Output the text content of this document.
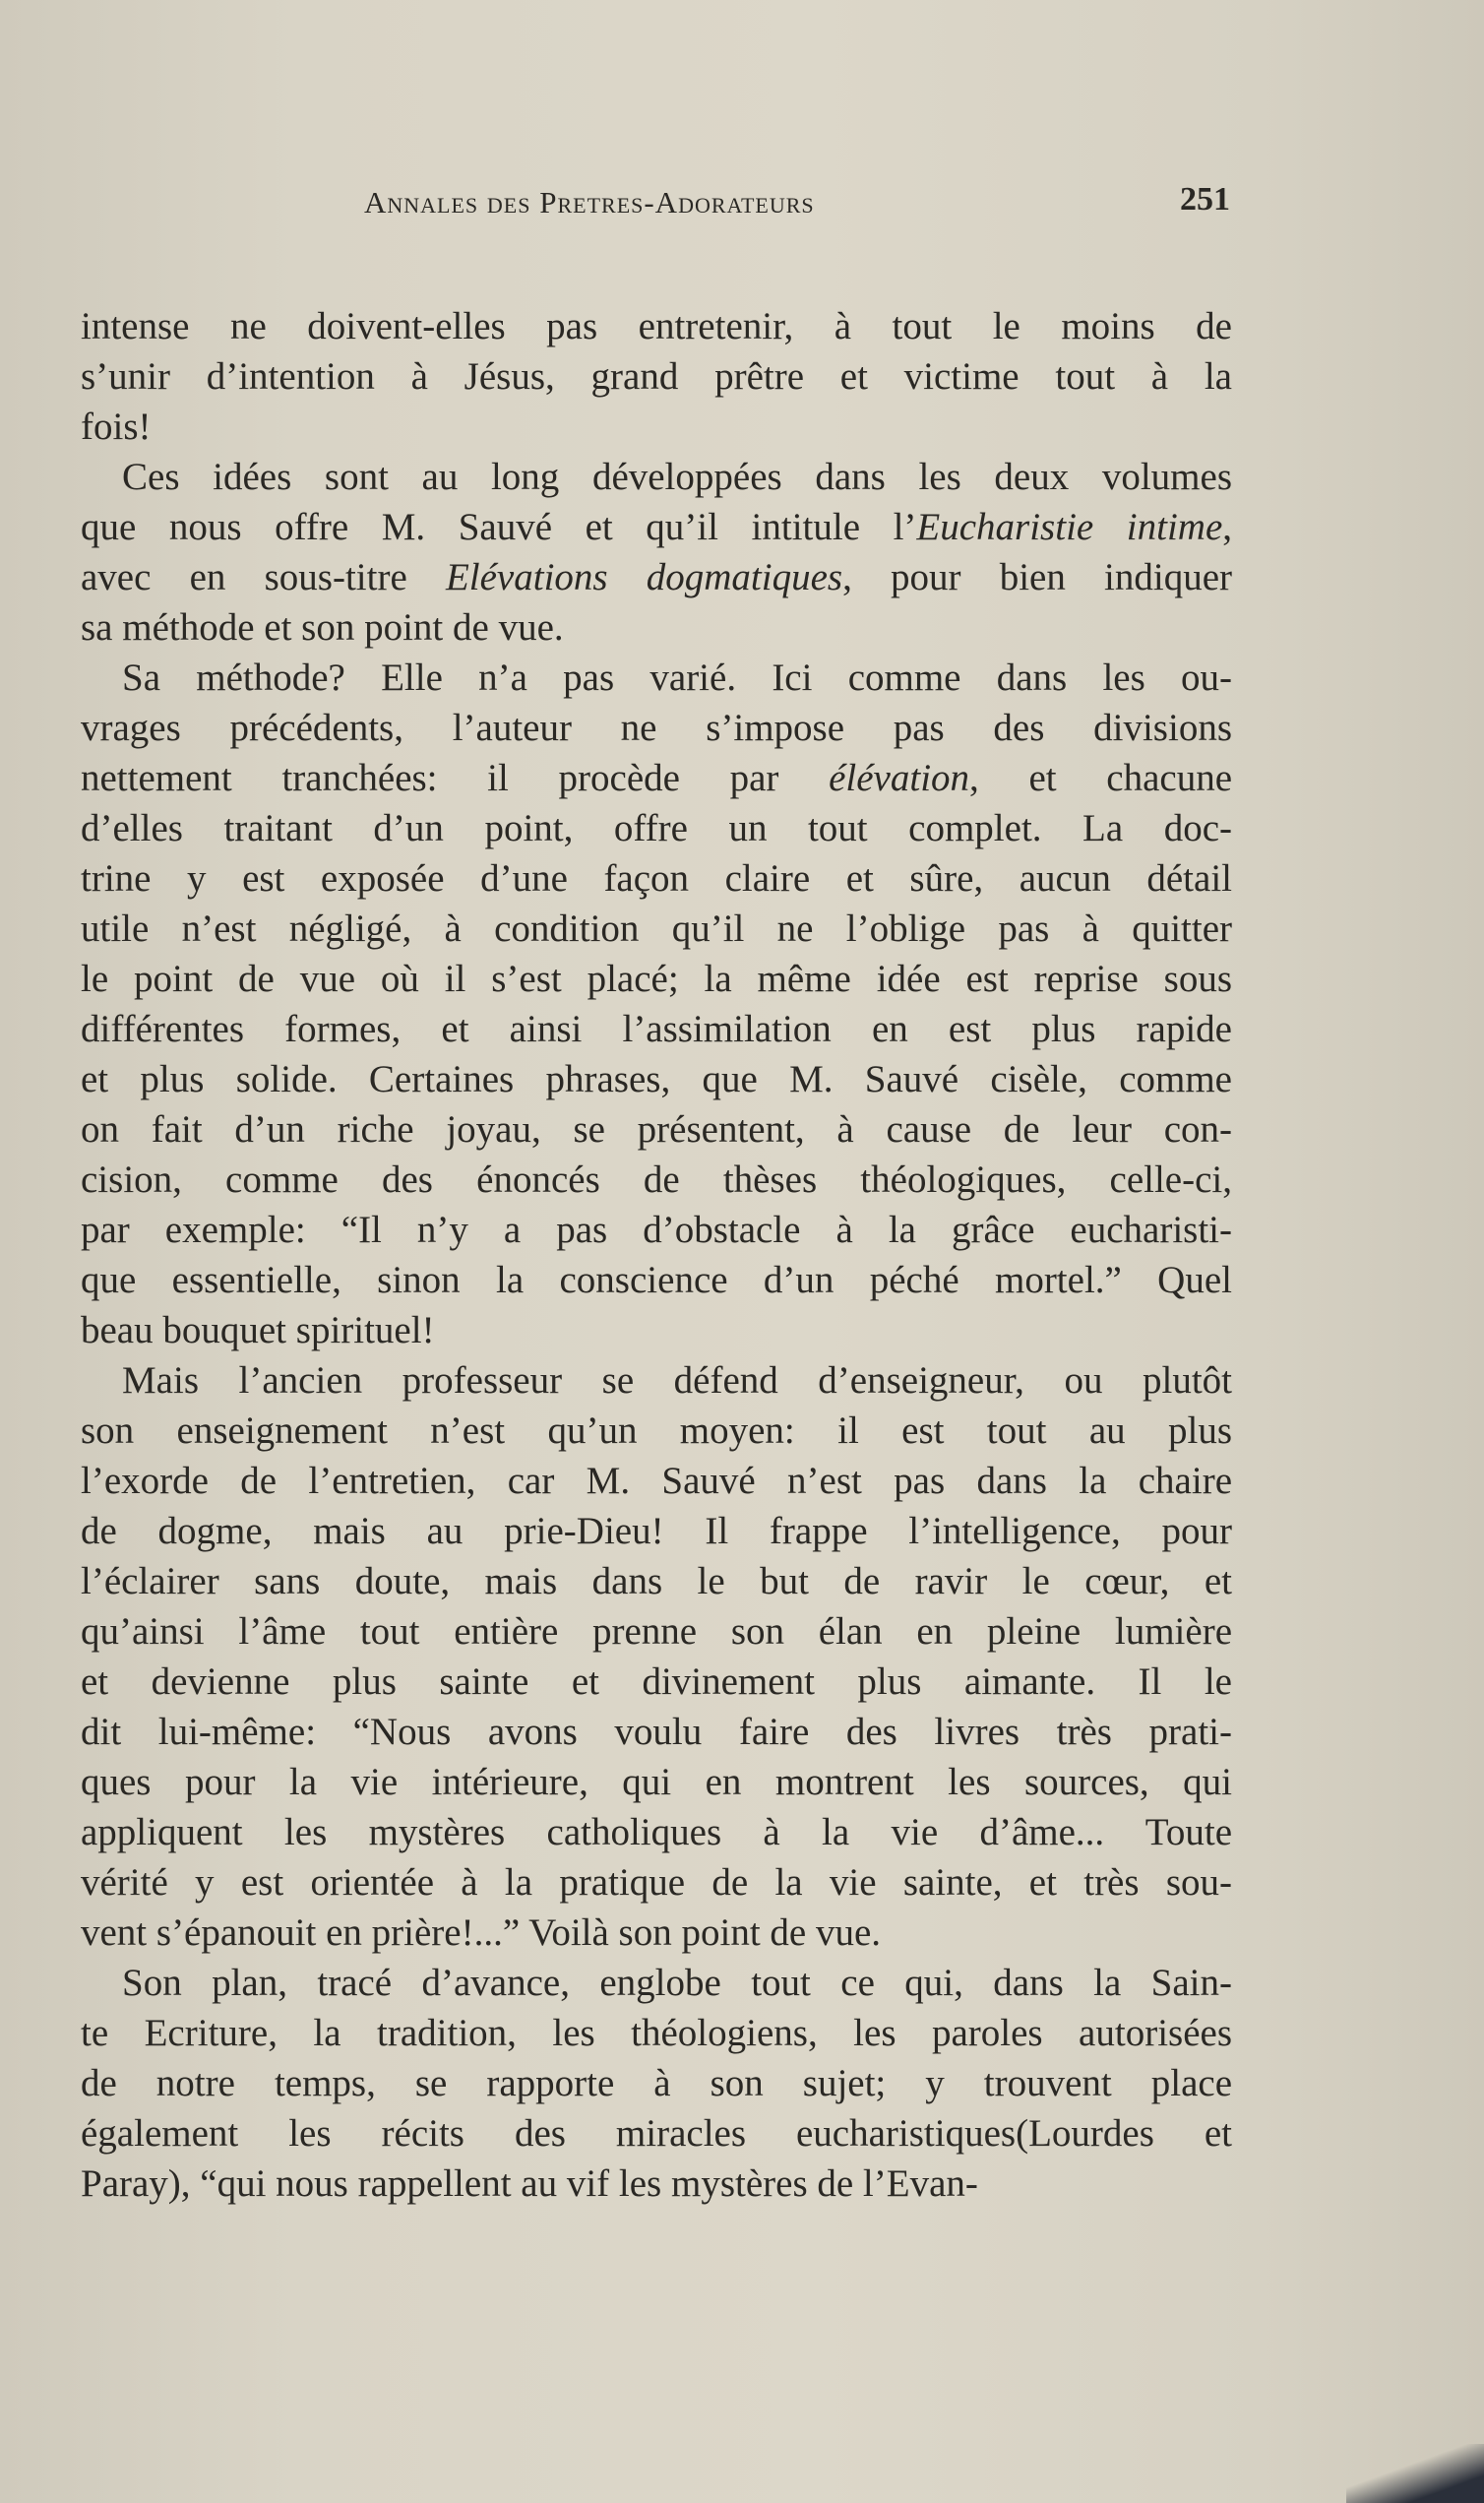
Annales des Pretres-Adorateurs	251
intense ne doivent-elles pas entretenir, à tout le moins de
s’unir d’intention à Jésus, grand prêtre et victime tout à la
fois!
Ces idées sont au long développées dans les deux volumes
que nous offre M. Sauvé et qu’il intitule l’Eucharistie intime,
avec en sous-titre Elévations dogmatiques, pour bien indiquer
sa méthode et son point de vue.
Sa méthode? Elle n’a pas varié. Ici comme dans les ou-
vrages précédents, l’auteur ne s’impose pas des divisions
nettement tranchées: il procède par élévation, et chacune
d’elles traitant d’un point, offre un tout complet. La doc-
trine y est exposée d’une façon claire et sûre, aucun détail
utile n’est négligé, à condition qu’il ne l’oblige pas à quitter
le point de vue où il s’est placé; la même idée est reprise sous
différentes formes, et ainsi l’assimilation en est plus rapide
et plus solide. Certaines phrases, que M. Sauvé cisèle, comme
on fait d’un riche joyau, se présentent, à cause de leur con-
cision, comme des énoncés de thèses théologiques, celle-ci,
par exemple: “Il n’y a pas d’obstacle à la grâce eucharisti-
que essentielle, sinon la conscience d’un péché mortel.” Quel
beau bouquet spirituel!
Mais l’ancien professeur se défend d’enseigneur, ou plutôt
son enseignement n’est qu’un moyen: il est tout au plus
l’exorde de l’entretien, car M. Sauvé n’est pas dans la chaire
de dogme, mais au prie-Dieu! Il frappe l’intelligence, pour
l’éclairer sans doute, mais dans le but de ravir le cœur, et
qu’ainsi l’âme tout entière prenne son élan en pleine lumière
et devienne plus sainte et divinement plus aimante. Il le
dit lui-même: “Nous avons voulu faire des livres très prati-
ques pour la vie intérieure, qui en montrent les sources, qui
appliquent les mystères catholiques à la vie d’âme... Toute
vérité y est orientée à la pratique de la vie sainte, et très sou-
vent s’épanouit en prière!...” Voilà son point de vue.
Son plan, tracé d’avance, englobe tout ce qui, dans la Sain-
te Ecriture, la tradition, les théologiens, les paroles autorisées
de notre temps, se rapporte à son sujet; y trouvent place
également les récits des miracles eucharistiques(Lourdes et
Paray), “qui nous rappellent au vif les mystères de l’Evan-
